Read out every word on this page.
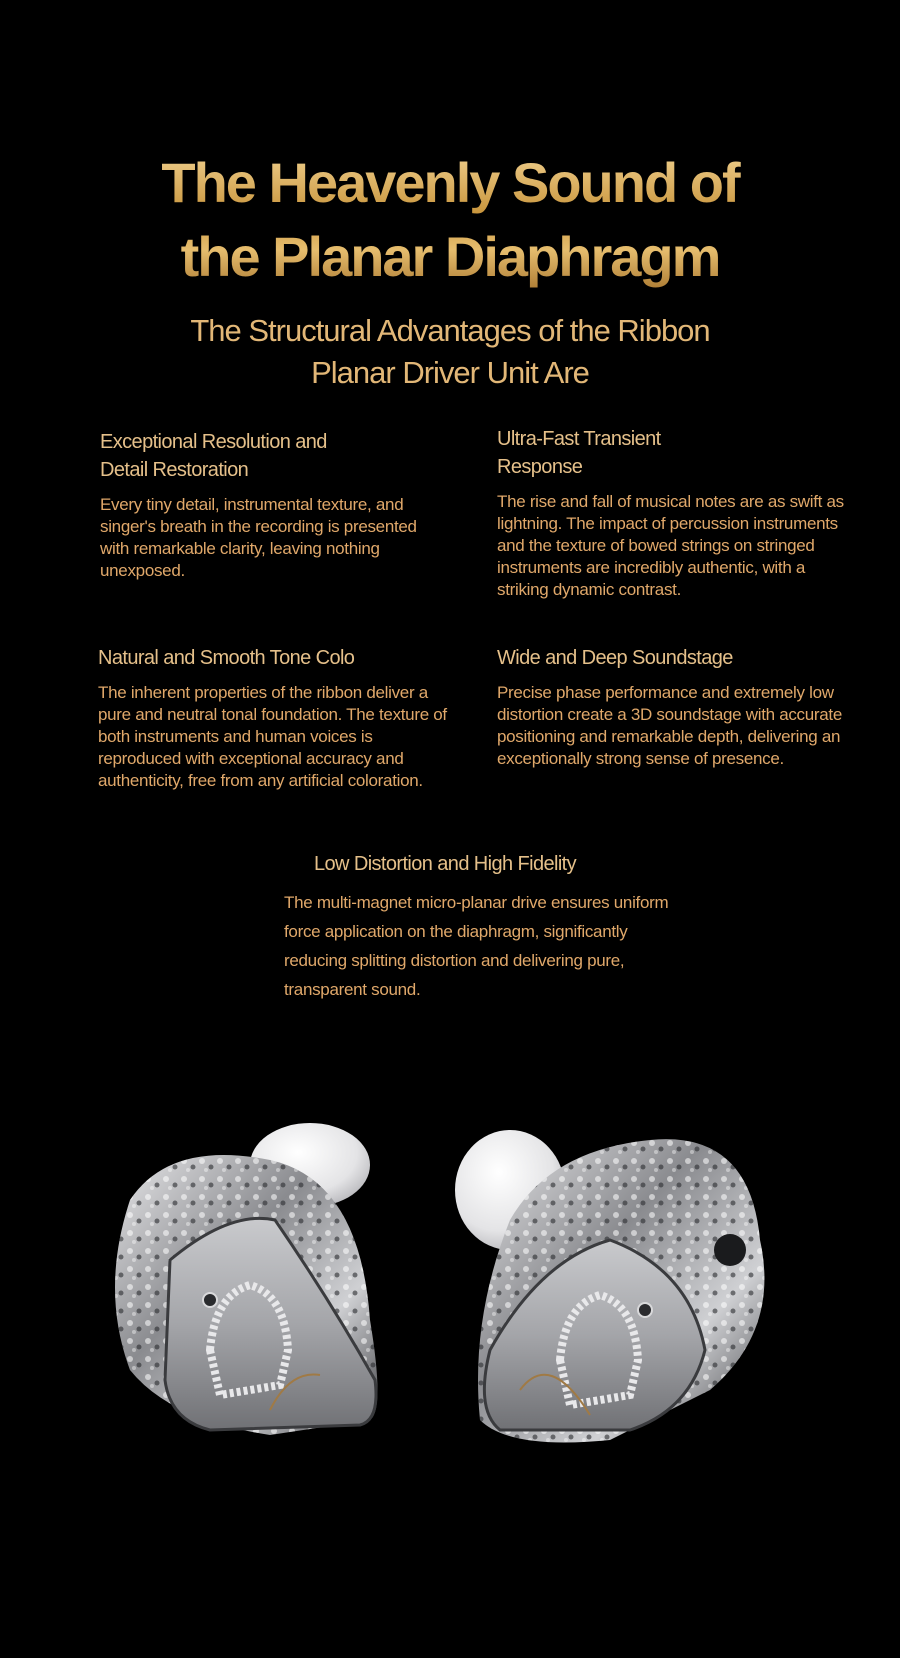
The Heavenly Sound of
the Planar Diaphragm
The Structural Advantages of the Ribbon
Planar Driver Unit Are
Exceptional Resolution and
Detail Restoration

Every tiny detail, instrumental texture, and singer's breath in the recording is presented with remarkable clarity, leaving nothing unexposed.

Ultra-Fast Transient
Response

The rise and fall of musical notes are as swift as lightning. The impact of percussion instruments and the texture of bowed strings on stringed instruments are incredibly authentic, with a striking dynamic contrast.

Natural and Smooth Tone Colo

The inherent properties of the ribbon deliver a pure and neutral tonal foundation. The texture of both instruments and human voices is reproduced with exceptional accuracy and authenticity, free from any artificial coloration.

Wide and Deep Soundstage

Precise phase performance and extremely low distortion create a 3D soundstage with accurate positioning and remarkable depth, delivering an exceptionally strong sense of presence.

Low Distortion and High Fidelity

The multi-magnet micro-planar drive ensures uniform force application on the diaphragm, significantly reducing splitting distortion and delivering pure, transparent sound.
